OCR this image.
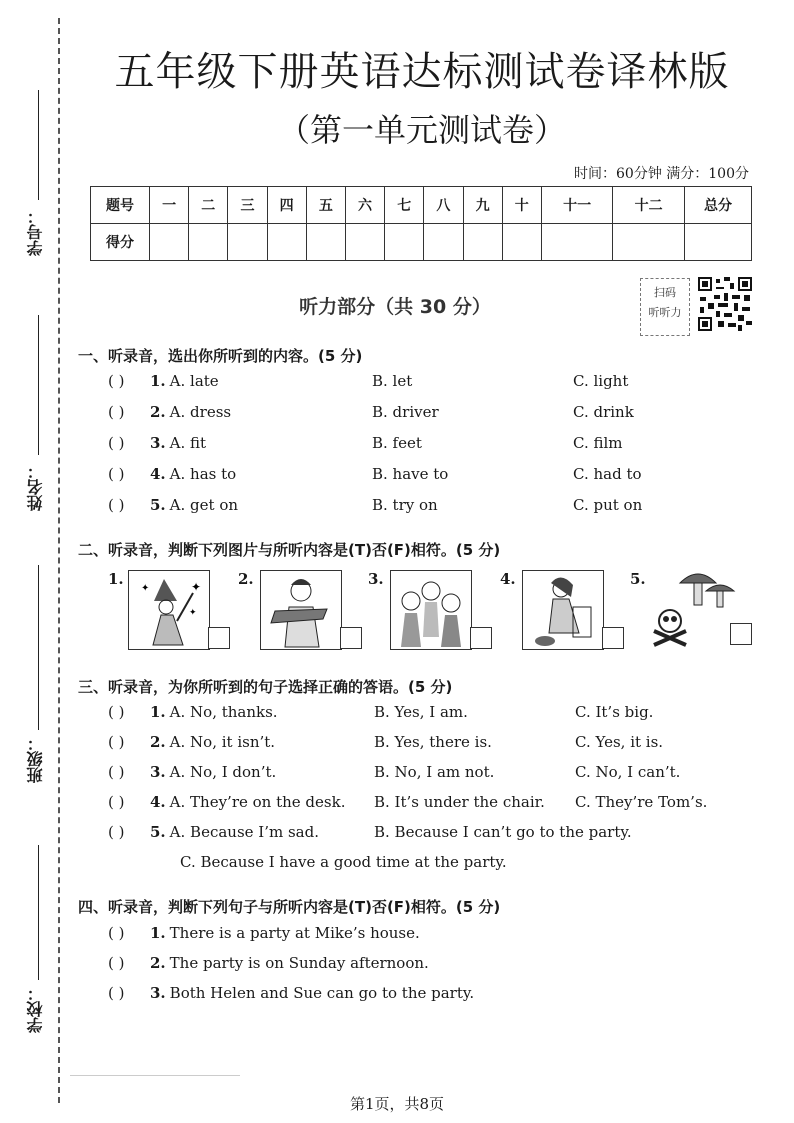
学号：
姓名：
班级：
学校：
五年级下册英语达标测试卷译林版
（第一单元测试卷）
时间：60分钟 满分：100分
题号	一	二	三	四	五	六	七	八	九	十	十一	十二	总分
得分													
听力部分（共 30 分）
扫码
听听力
一、听录音，选出你所听到的内容。(5 分)
( ) 1. A. late	B. let	C. light
( ) 2. A. dress	B. driver	C. drink
( ) 3. A. fit	B. feet	C. film
( ) 4. A. has to	B. have to	C. had to
( ) 5. A. get on	B. try on	C. put on
二、听录音，判断下列图片与所听内容是(T)否(F)相符。(5 分)
1.	✦
✦
✦
2.	3.	4.	5.
三、听录音，为你所听到的句子选择正确的答语。(5 分)
( ) 1. A. No, thanks.	B. Yes, I am.	C. It’s big.
( ) 2. A. No, it isn’t.	B. Yes, there is.	C. Yes, it is.
( ) 3. A. No, I don’t.	B. No, I am not.	C. No, I can’t.
( ) 4. A. They’re on the desk. B. It’s under the chair. C. They’re Tom’s.
( ) 5. A. Because I’m sad.	B. Because I can’t go to the party.
C. Because I have a good time at the party.
四、听录音，判断下列句子与所听内容是(T)否(F)相符。(5 分)
( ) 1. There is a party at Mike’s house.
( ) 2. The party is on Sunday afternoon.
( ) 3. Both Helen and Sue can go to the party.
第1页，共8页
